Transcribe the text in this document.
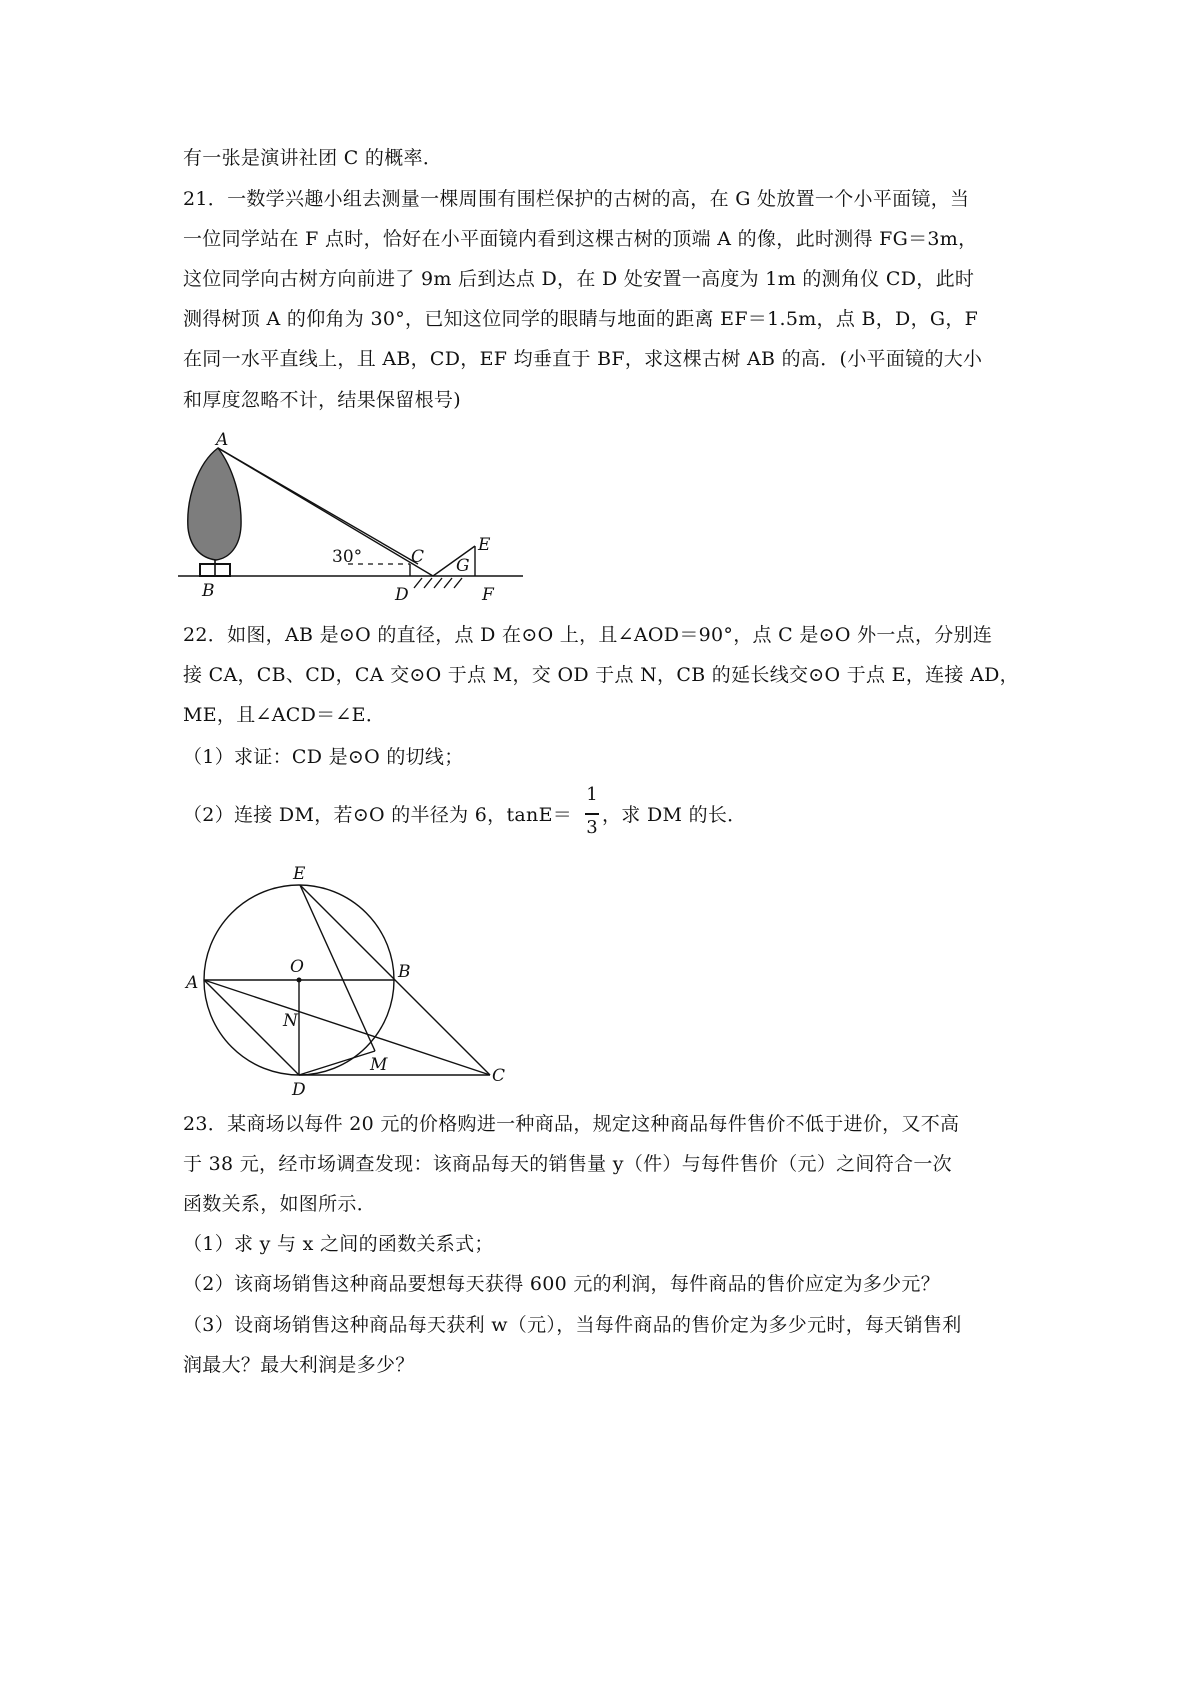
有一张是演讲社团 C 的概率．
21．一数学兴趣小组去测量一棵周围有围栏保护的古树的高，在 G 处放置一个小平面镜，当
一位同学站在 F 点时，恰好在小平面镜内看到这棵古树的顶端 A 的像，此时测得 FG＝3m，
这位同学向古树方向前进了 9m 后到达点 D，在 D 处安置一高度为 1m 的测角仪 CD，此时
测得树顶 A 的仰角为 30°，已知这位同学的眼睛与地面的距离 EF＝1.5m，点 B，D，G，F
在同一水平直线上，且 AB，CD，EF 均垂直于 BF，求这棵古树 AB 的高．(小平面镜的大小
和厚度忽略不计，结果保留根号)
A
B
C
D
G
E
F
30°
22．如图，AB 是⊙O 的直径，点 D 在⊙O 上，且∠AOD＝90°，点 C 是⊙O 外一点，分别连
接 CA，CB、CD，CA 交⊙O 于点 M，交 OD 于点 N，CB 的延长线交⊙O 于点 E，连接 AD，
ME，且∠ACD＝∠E．
（1）求证：CD 是⊙O 的切线；
（2）连接 DM，若⊙O 的半径为 6，tanE＝
1
3
，求 DM 的长．
E
O	B
A
N
M
D
C
23．某商场以每件 20 元的价格购进一种商品，规定这种商品每件售价不低于进价，又不高
于 38 元，经市场调查发现：该商品每天的销售量 y（件）与每件售价（元）之间符合一次
函数关系，如图所示．
（1）求 y 与 x 之间的函数关系式；
（2）该商场销售这种商品要想每天获得 600 元的利润，每件商品的售价应定为多少元？
（3）设商场销售这种商品每天获利 w（元），当每件商品的售价定为多少元时，每天销售利
润最大？最大利润是多少？
